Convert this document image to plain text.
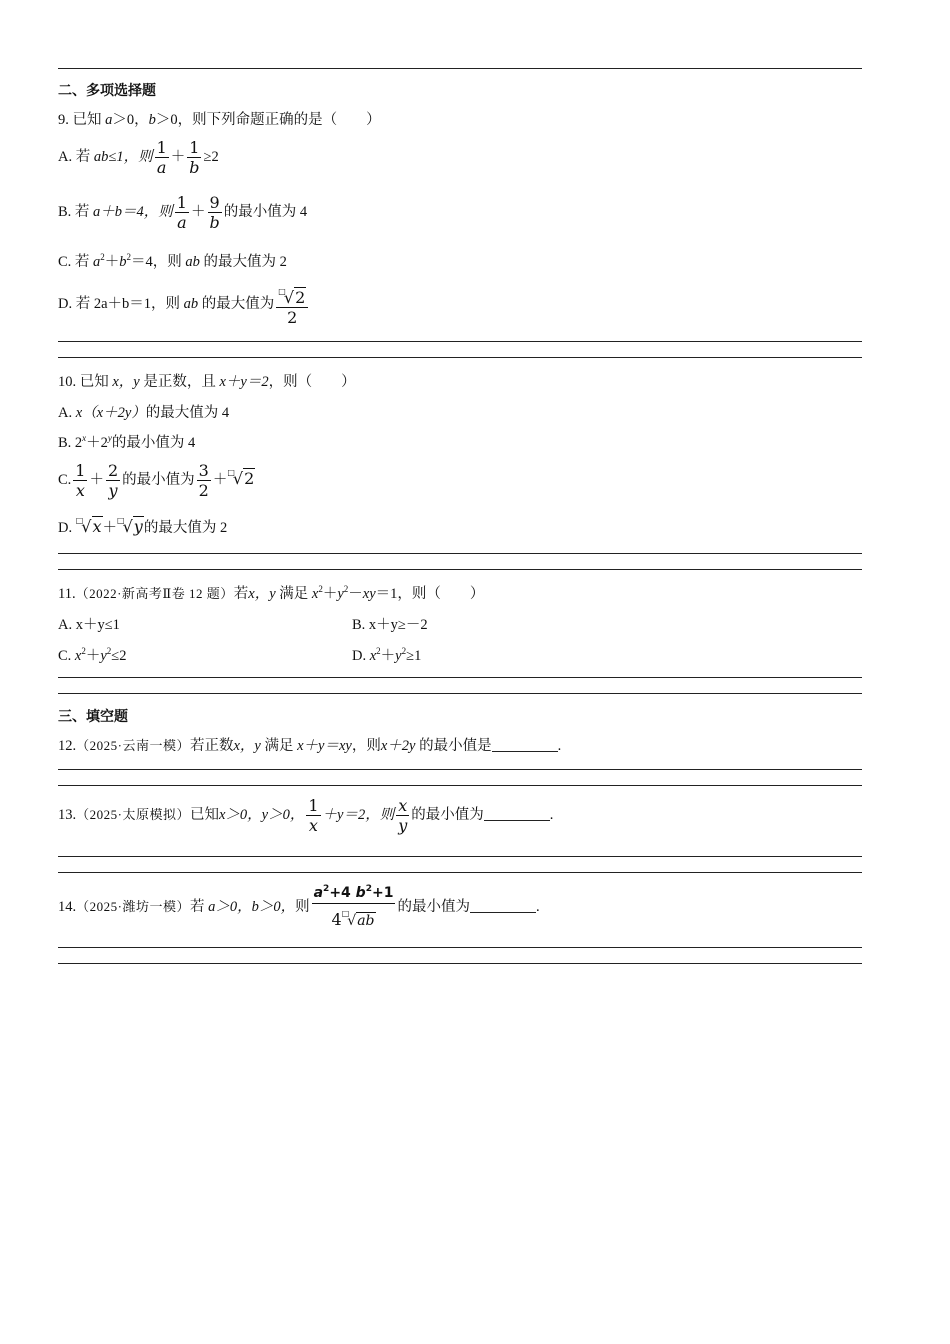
二、多项选择题
9. 已知 a＞0，b＞0，则下列命题正确的是（　　）
A. 若 ab≤1，则 $\frac{1}{a} + \frac{1}{b} \ge 2$
B. 若 a＋b＝4，则 $\frac{1}{a} + \frac{9}{b}$ 的最小值为 4
C. 若 $a^2+b^2=4$，则 ab 的最大值为 2
D. 若 2a＋b＝1，则 ab 的最大值为 $\frac{^□√2}{2}$
10. 已知 x，y 是正数，且 x＋y＝2，则（　　）
A. x（x＋2y）的最大值为 4
B. $2^x+2^y$的最小值为 4
C. $\frac{1}{x} + \frac{2}{y}$ 的最小值为 $\frac{3}{2} +^□√2$
D. □√x＋□√y的最大值为 2
11.（2022·新高考Ⅱ卷 12 题）若x，y 满足 $x^2+y^2-xy=1$，则（　　）
A. x＋y≤1	B. x＋y≥－2
C. $x^2+y^2\le 2$	D. $x^2+y^2\ge 1$
三、填空题
12.（2025·云南一模）若正数x，y 满足 x＋y＝xy，则x＋2y 的最小值是	.
13.（2025·太原模拟）已知x＞0，y＞0， $\frac{1}{x} +y=2$，则 $\frac{x}{y}$ 的最小值为	.
14.（2025·潍坊一模）若 a＞0，b＞0，则 $\frac{a^2+4 b^2+1}{4^□√ab}$ 的最小值为	.
